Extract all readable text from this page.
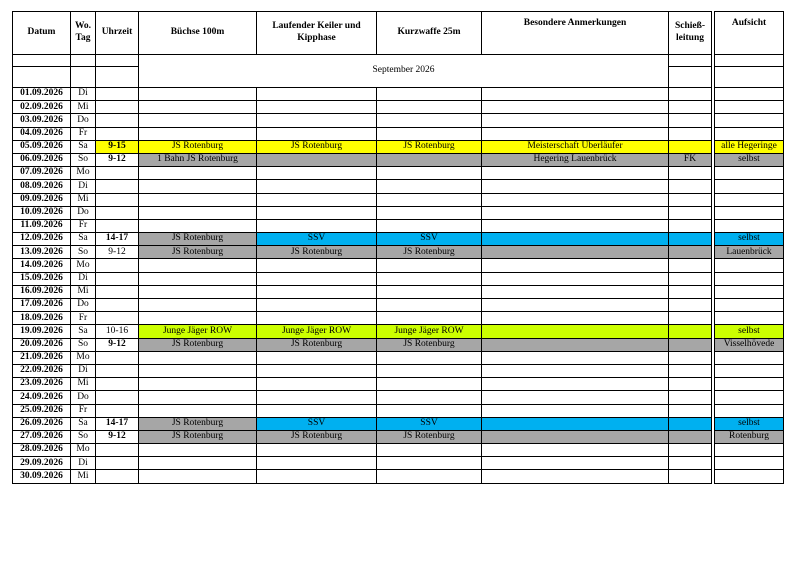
Datum	Wo. Tag	Uhrzeit	Büchse 100m	Laufender Keiler und Kipphase	Kurzwaffe 25m	Besondere Anmerkungen	Schieß-leitung		Aufsicht
			September 2026						

01.09.2026	Di								
02.09.2026	Mi								
03.09.2026	Do								
04.09.2026	Fr								
05.09.2026	Sa	9-15	JS Rotenburg	JS Rotenburg	JS Rotenburg	Meisterschaft Überläufer			alle Hegeringe
06.09.2026	So	9-12	1 Bahn JS Rotenburg			Hegering Lauenbrück	FK		selbst
07.09.2026	Mo								
08.09.2026	Di								
09.09.2026	Mi								
10.09.2026	Do								
11.09.2026	Fr								
12.09.2026	Sa	14-17	JS Rotenburg	SSV	SSV				selbst
13.09.2026	So	9-12	JS Rotenburg	JS Rotenburg	JS Rotenburg				Lauenbrück
14.09.2026	Mo								
15.09.2026	Di								
16.09.2026	Mi								
17.09.2026	Do								
18.09.2026	Fr								
19.09.2026	Sa	10-16	Junge Jäger ROW	Junge Jäger ROW	Junge Jäger ROW				selbst
20.09.2026	So	9-12	JS Rotenburg	JS Rotenburg	JS Rotenburg				Visselhövede
21.09.2026	Mo								
22.09.2026	Di								
23.09.2026	Mi								
24.09.2026	Do								
25.09.2026	Fr								
26.09.2026	Sa	14-17	JS Rotenburg	SSV	SSV				selbst
27.09.2026	So	9-12	JS Rotenburg	JS Rotenburg	JS Rotenburg				Rotenburg
28.09.2026	Mo								
29.09.2026	Di								
30.09.2026	Mi								
